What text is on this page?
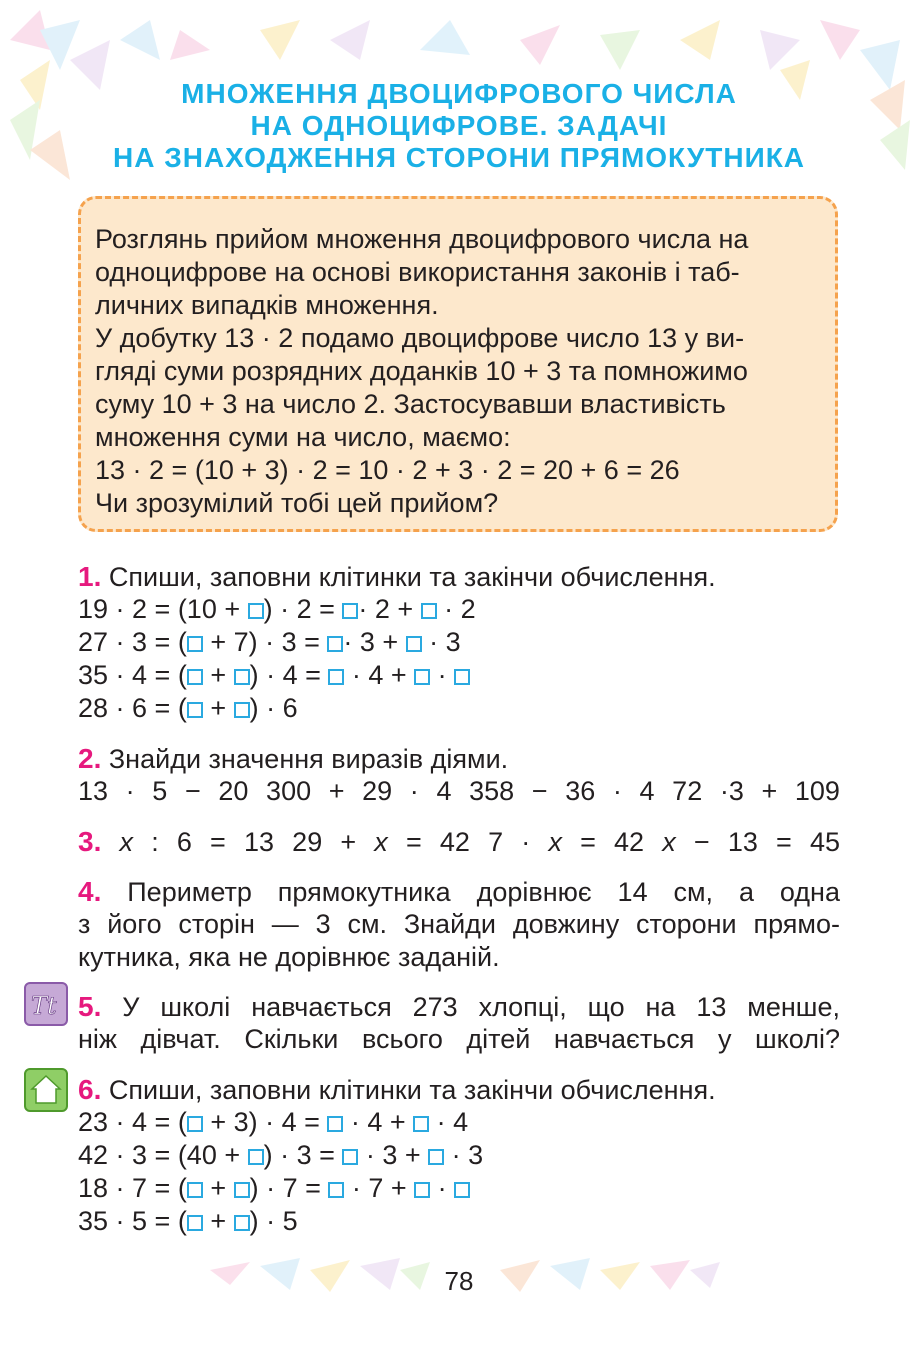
МНОЖЕННЯ ДВОЦИФРОВОГО ЧИСЛА
НА ОДНОЦИФРОВЕ. ЗАДАЧІ
НА ЗНАХОДЖЕННЯ СТОРОНИ ПРЯМОКУТНИКА

Розглянь прийом множення двоцифрового числа на

одноцифрове на основі використання законів і таб-

личних випадків множення.

У добутку 13 · 2 подамо двоцифрове число 13 у ви-

гляді суми розрядних доданків 10 + 3 та помножимо

суму 10 + 3 на число 2. Застосувавши властивість

множення суми на число, маємо:

13 · 2 = (10 + 3) · 2 = 10 · 2 + 3 · 2 = 20 + 6 = 26

Чи зрозумілий тобі цей прийом?

1. Спиши, заповни клітинки та закінчи обчислення.
19 · 2 = (10 + ) · 2 = · 2 +  · 2
27 · 3 = ( + 7) · 3 = · 3 +  · 3
35 · 4 = ( + ) · 4 =  · 4 +  ·
28 · 6 = ( + ) · 6
2. Знайди значення виразів діями.
13 · 5 − 20 300 + 29 · 4 358 − 36 · 4 72 ·3 + 109
3. x : 6 = 13 29 + x = 42 7 · x = 42 x − 13 = 45
4. Периметр прямокутника дорівнює 14 см, а одна
з його сторін — 3 см. Знайди довжину сторони прямо-
кутника, яка не дорівнює заданій.
Tt 5. У школі навчається 273 хлопці, що на 13 менше,
ніж дівчат. Скільки всього дітей навчається у школі?
6. Спиши, заповни клітинки та закінчи обчислення.
23 · 4 = ( + 3) · 4 =  · 4 +  · 4
42 · 3 = (40 + ) · 3 =  · 3 +  · 3
18 · 7 = ( + ) · 7 =  · 7 +  ·
35 · 5 = ( + ) · 5
78
